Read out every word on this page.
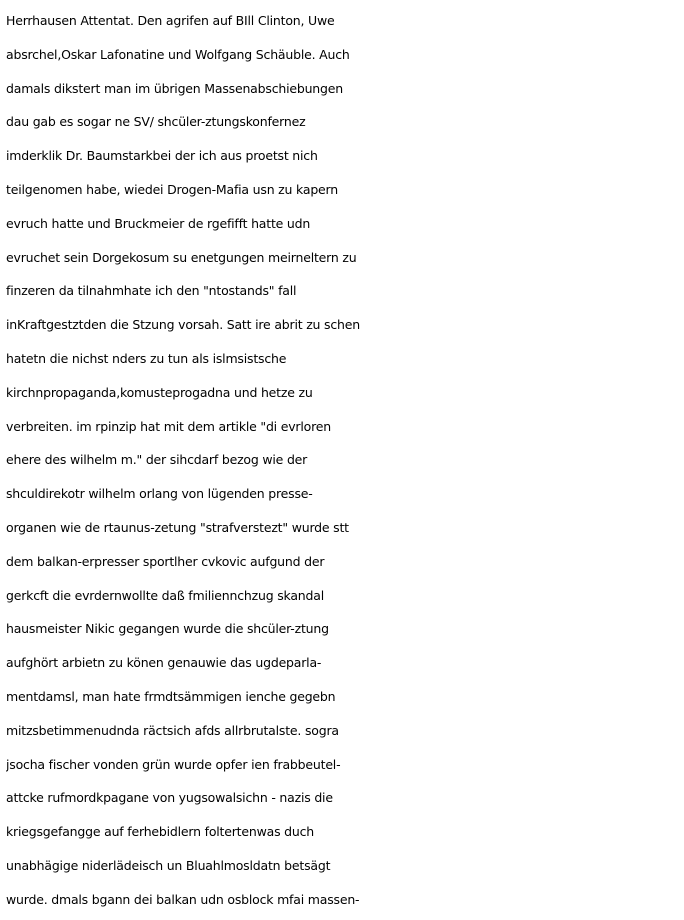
Herrhausen Attentat. Den agrifen auf BIll Clinton, Uwe
absrchel,Oskar Lafonatine und Wolfgang Schäuble. Auch
damals dikstert man im übrigen Massenabschiebungen
dau gab es sogar ne SV/ shcüler-ztungskonfernez
imderklik Dr. Baumstarkbei der ich aus proetst nich
teilgenomen habe, wiedei Drogen-Mafia usn zu kapern
evruch hatte und Bruckmeier de rgefifft hatte udn
evruchet sein Dorgekosum su enetgungen meirneltern zu
finzeren da tilnahmhate ich den "ntostands" fall
inKraftgestztden die Stzung vorsah. Satt ire abrit zu schen
hatetn die nichst nders zu tun als islmsistsche
kirchnpropaganda,komusteprogadna und hetze zu
verbreiten. im rpinzip hat mit dem artikle "di evrloren
ehere des wilhelm m." der sihcdarf bezog wie der
shculdirekotr wilhelm orlang von lügenden presse-
organen wie de rtaunus-zetung "strafverstezt" wurde stt
dem balkan-erpresser sportlher cvkovic aufgund der
gerkcft die evrdernwollte daß fmiliennchzug skandal
hausmeister Nikic gegangen wurde die shcüler-ztung
aufghört arbietn zu könen genauwie das ugdeparla-
mentdamsl, man hate frmdtsämmigen ienche gegebn
mitzsbetimmenudnda räctsich afds allrbrutalste. sogra
jsocha fischer vonden grün wurde opfer ien frabbeutel-
attcke rufmordkpagane von yugsowalsichn - nazis die
kriegsgefangge auf ferhebidlern foltertenwas duch
unabhägige niderlädeisch un Bluahlmosldatn betsägt
wurde. dmals bgann dei balkan udn osblock mfai massen-
